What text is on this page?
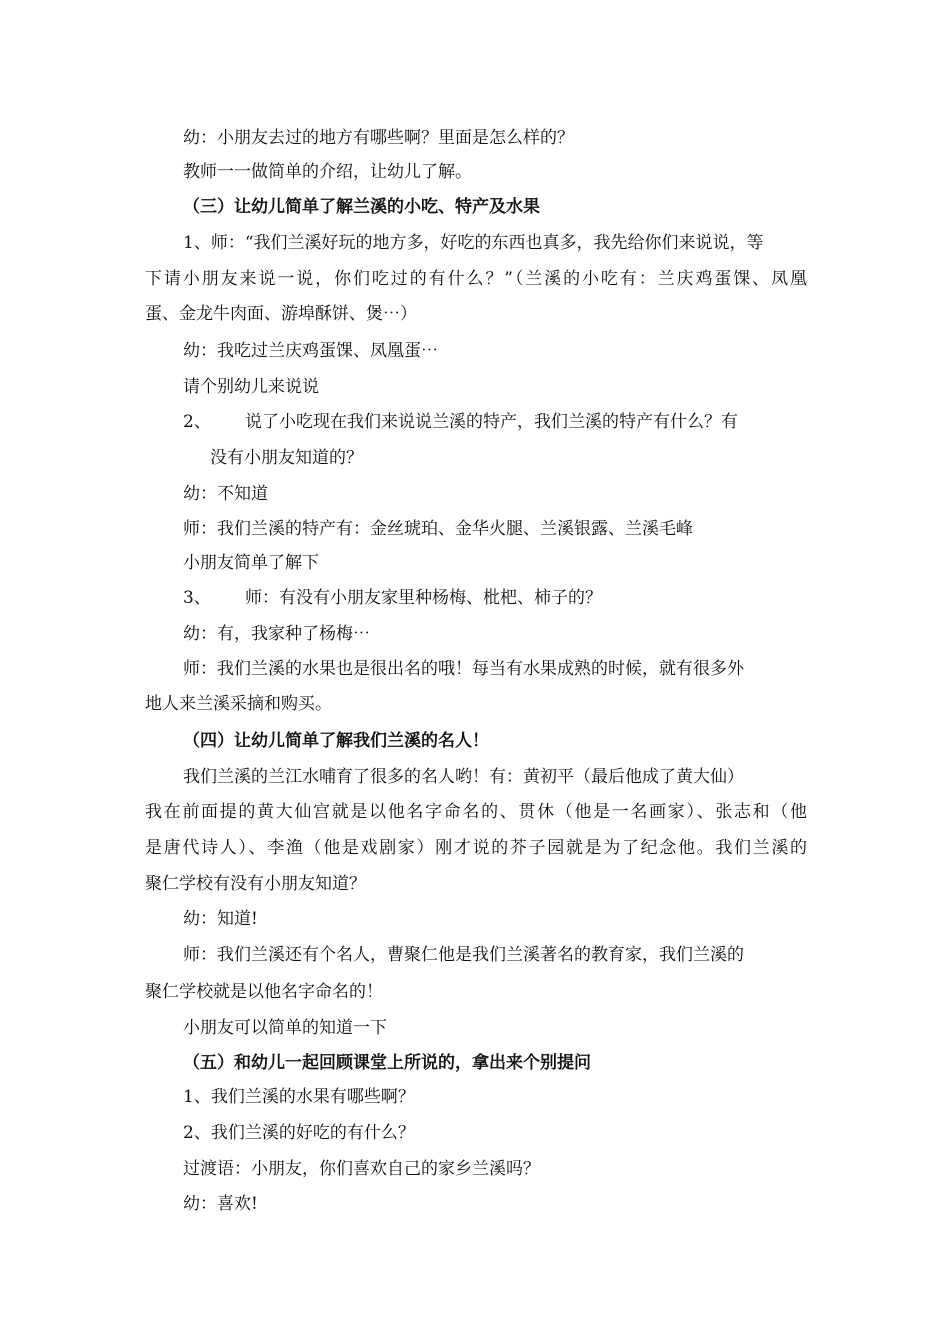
幼：小朋友去过的地方有哪些啊？里面是怎么样的？
教师一一做简单的介绍，让幼儿了解。
（三）让幼儿简单了解兰溪的小吃、特产及水果
1、师：“我们兰溪好玩的地方多，好吃的东西也真多，我先给你们来说说，等
下请小朋友来说一说，你们吃过的有什么？”（兰溪的小吃有：兰庆鸡蛋馃、凤凰
蛋、金龙牛肉面、游埠酥饼、煲⋯）
幼：我吃过兰庆鸡蛋馃、凤凰蛋⋯
请个别幼儿来说说
2、 说了小吃现在我们来说说兰溪的特产，我们兰溪的特产有什么？有
没有小朋友知道的？
幼：不知道
师：我们兰溪的特产有：金丝琥珀、金华火腿、兰溪银露、兰溪毛峰
小朋友简单了解下
3、 师：有没有小朋友家里种杨梅、枇杷、柿子的？
幼：有，我家种了杨梅⋯
师：我们兰溪的水果也是很出名的哦！每当有水果成熟的时候，就有很多外
地人来兰溪采摘和购买。
（四）让幼儿简单了解我们兰溪的名人！
我们兰溪的兰江水哺育了很多的名人哟！有：黄初平（最后他成了黄大仙）
我在前面提的黄大仙宫就是以他名字命名的、贯休（他是一名画家）、张志和（他
是唐代诗人）、李渔（他是戏剧家）刚才说的芥子园就是为了纪念他。我们兰溪的
聚仁学校有没有小朋友知道？
幼：知道!
师：我们兰溪还有个名人，曹聚仁他是我们兰溪著名的教育家，我们兰溪的
聚仁学校就是以他名字命名的！
小朋友可以简单的知道一下
（五）和幼儿一起回顾课堂上所说的，拿出来个别提问
1、我们兰溪的水果有哪些啊？
2、我们兰溪的好吃的有什么？
过渡语：小朋友，你们喜欢自己的家乡兰溪吗？
幼：喜欢!
